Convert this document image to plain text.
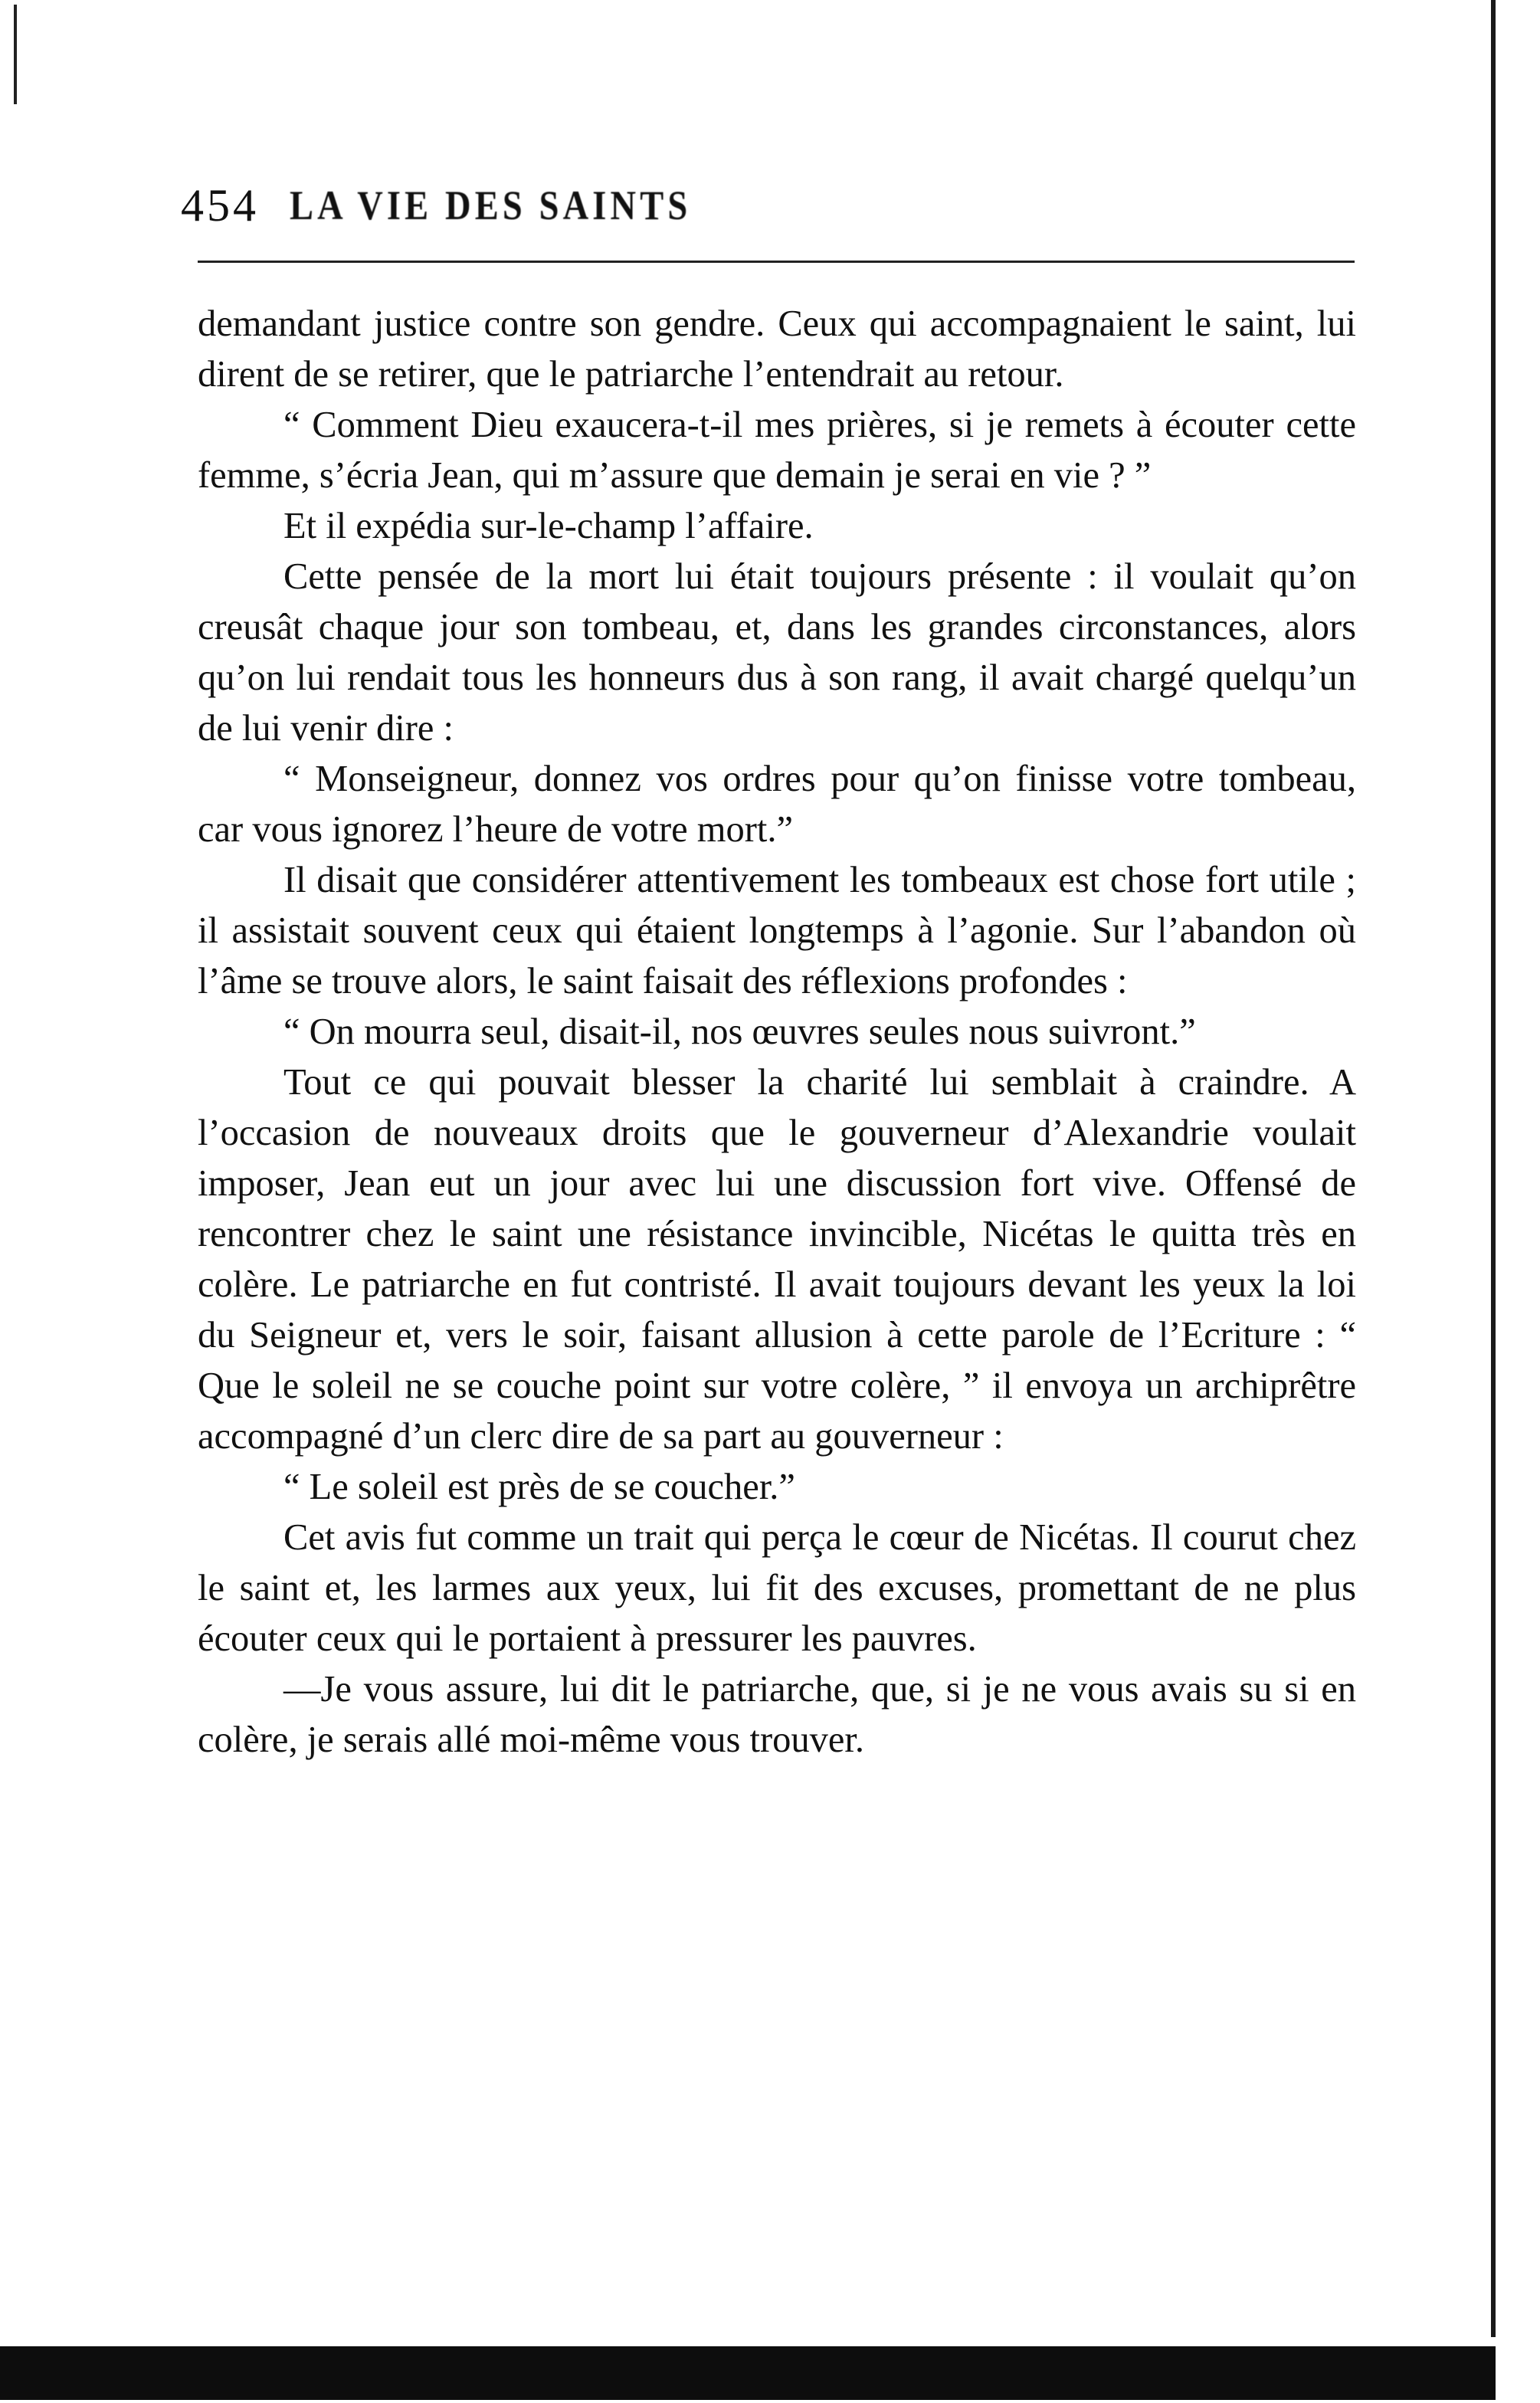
454 LA VIE DES SAINTS

demandant justice contre son gendre. Ceux qui accompagnaient le saint, lui dirent de se retirer, que le patriarche l’entendrait au retour.

“ Comment Dieu exaucera-t-il mes prières, si je remets à écouter cette femme, s’écria Jean, qui m’assure que demain je serai en vie ? ”

Et il expédia sur-le-champ l’affaire.

Cette pensée de la mort lui était toujours présente : il voulait qu’on creusât chaque jour son tombeau, et, dans les grandes circonstances, alors qu’on lui rendait tous les honneurs dus à son rang, il avait chargé quelqu’un de lui venir dire :

“ Monseigneur, donnez vos ordres pour qu’on finisse votre tombeau, car vous ignorez l’heure de votre mort.”

Il disait que considérer attentivement les tombeaux est chose fort utile ; il assistait souvent ceux qui étaient longtemps à l’agonie. Sur l’abandon où l’âme se trouve alors, le saint faisait des réflexions profondes :

“ On mourra seul, disait-il, nos œuvres seules nous suivront.”

Tout ce qui pouvait blesser la charité lui semblait à craindre. A l’occasion de nouveaux droits que le gouverneur d’Alexandrie voulait imposer, Jean eut un jour avec lui une discussion fort vive. Offensé de rencontrer chez le saint une résistance invincible, Nicétas le quitta très en colère. Le patriarche en fut contristé. Il avait toujours devant les yeux la loi du Seigneur et, vers le soir, faisant allusion à cette parole de l’Ecriture : “ Que le soleil ne se couche point sur votre colère, ” il envoya un archiprêtre accompagné d’un clerc dire de sa part au gouverneur :

“ Le soleil est près de se coucher.”

Cet avis fut comme un trait qui perça le cœur de Nicétas. Il courut chez le saint et, les larmes aux yeux, lui fit des excuses, promettant de ne plus écouter ceux qui le portaient à pressurer les pauvres.

—Je vous assure, lui dit le patriarche, que, si je ne vous avais su si en colère, je serais allé moi-même vous trouver.
